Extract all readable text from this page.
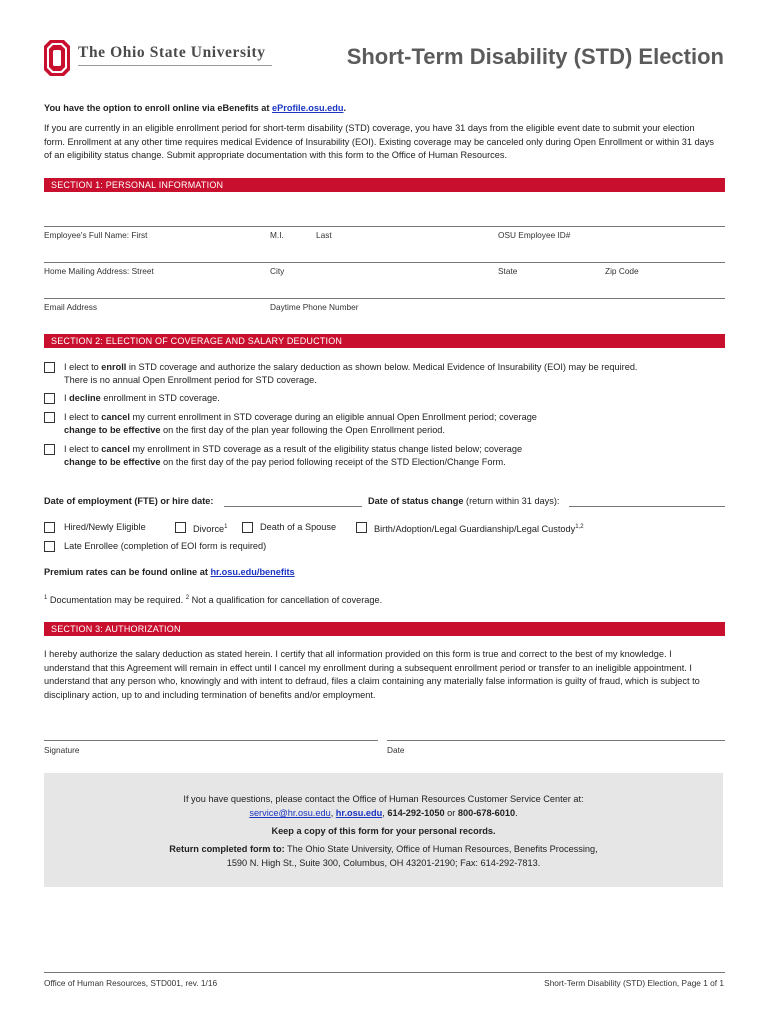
The Ohio State University	Short-Term Disability (STD) Election
You have the option to enroll online via eBenefits at eProfile.osu.edu.
If you are currently in an eligible enrollment period for short-term disability (STD) coverage, you have 31 days from the eligible event date to submit your election form. Enrollment at any other time requires medical Evidence of Insurability (EOI). Existing coverage may be canceled only during Open Enrollment or within 31 days of an eligibility status change. Submit appropriate documentation with this form to the Office of Human Resources.
SECTION 1: PERSONAL INFORMATION
Employee's Full Name: First	M.I.	Last	OSU Employee ID#
Home Mailing Address: Street	City	State	Zip Code
Email Address	Daytime Phone Number
SECTION 2: ELECTION OF COVERAGE AND SALARY DEDUCTION
I elect to enroll in STD coverage and authorize the salary deduction as shown below. Medical Evidence of Insurability (EOI) may be required.
There is no annual Open Enrollment period for STD coverage.
I decline enrollment in STD coverage.
I elect to cancel my current enrollment in STD coverage during an eligible annual Open Enrollment period; coverage
change to be effective on the first day of the plan year following the Open Enrollment period.
I elect to cancel my enrollment in STD coverage as a result of the eligibility status change listed below; coverage
change to be effective on the first day of the pay period following receipt of the STD Election/Change Form.
Date of employment (FTE) or hire date:	Date of status change (return within 31 days):
Hired/Newly Eligible	Divorce$^1$	Death of a Spouse	Birth/Adoption/Legal Guardianship/Legal Custody$^{1,2}$
Late Enrollee (completion of EOI form is required)
Premium rates can be found online at hr.osu.edu/benefits
$^1$ Documentation may be required. $^2$ Not a qualification for cancellation of coverage.
SECTION 3: AUTHORIZATION
I hereby authorize the salary deduction as stated herein. I certify that all information provided on this form is true and correct to the best of my knowledge. I understand that this Agreement will remain in effect until I cancel my enrollment during a subsequent enrollment period or transfer to an ineligible appointment. I understand that any person who, knowingly and with intent to defraud, files a claim containing any materially false information is guilty of fraud, which is subject to disciplinary action, up to and including termination of benefits and/or employment.
Signature	Date
If you have questions, please contact the Office of Human Resources Customer Service Center at:
service@hr.osu.edu, hr.osu.edu, 614-292-1050 or 800-678-6010.
Keep a copy of this form for your personal records.
Return completed form to: The Ohio State University, Office of Human Resources, Benefits Processing,
1590 N. High St., Suite 300, Columbus, OH 43201-2190; Fax: 614-292-7813.
Office of Human Resources, STD001, rev. 1/16	Short-Term Disability (STD) Election, Page 1 of 1
